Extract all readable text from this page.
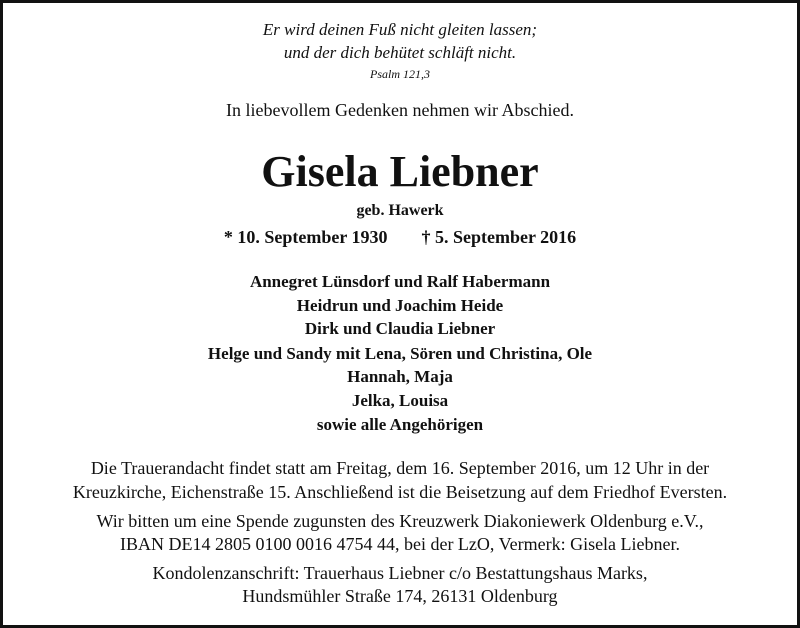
Er wird deinen Fuß nicht gleiten lassen;
und der dich behütet schläft nicht.
Psalm 121,3
In liebevollem Gedenken nehmen wir Abschied.
Gisela Liebner
geb. Hawerk
* 10. September 1930 † 5. September 2016
Annegret Lünsdorf und Ralf Habermann
Heidrun und Joachim Heide
Dirk und Claudia Liebner
Helge und Sandy mit Lena, Sören und Christina, Ole
Hannah, Maja
Jelka, Louisa
sowie alle Angehörigen
Die Trauerandacht findet statt am Freitag, dem 16. September 2016, um 12 Uhr in der
Kreuzkirche, Eichenstraße 15. Anschließend ist die Beisetzung auf dem Friedhof Eversten.
Wir bitten um eine Spende zugunsten des Kreuzwerk Diakoniewerk Oldenburg e.V.,
IBAN DE14 2805 0100 0016 4754 44, bei der LzO, Vermerk: Gisela Liebner.
Kondolenzanschrift: Trauerhaus Liebner c/o Bestattungshaus Marks,
Hundsmühler Straße 174, 26131 Oldenburg
